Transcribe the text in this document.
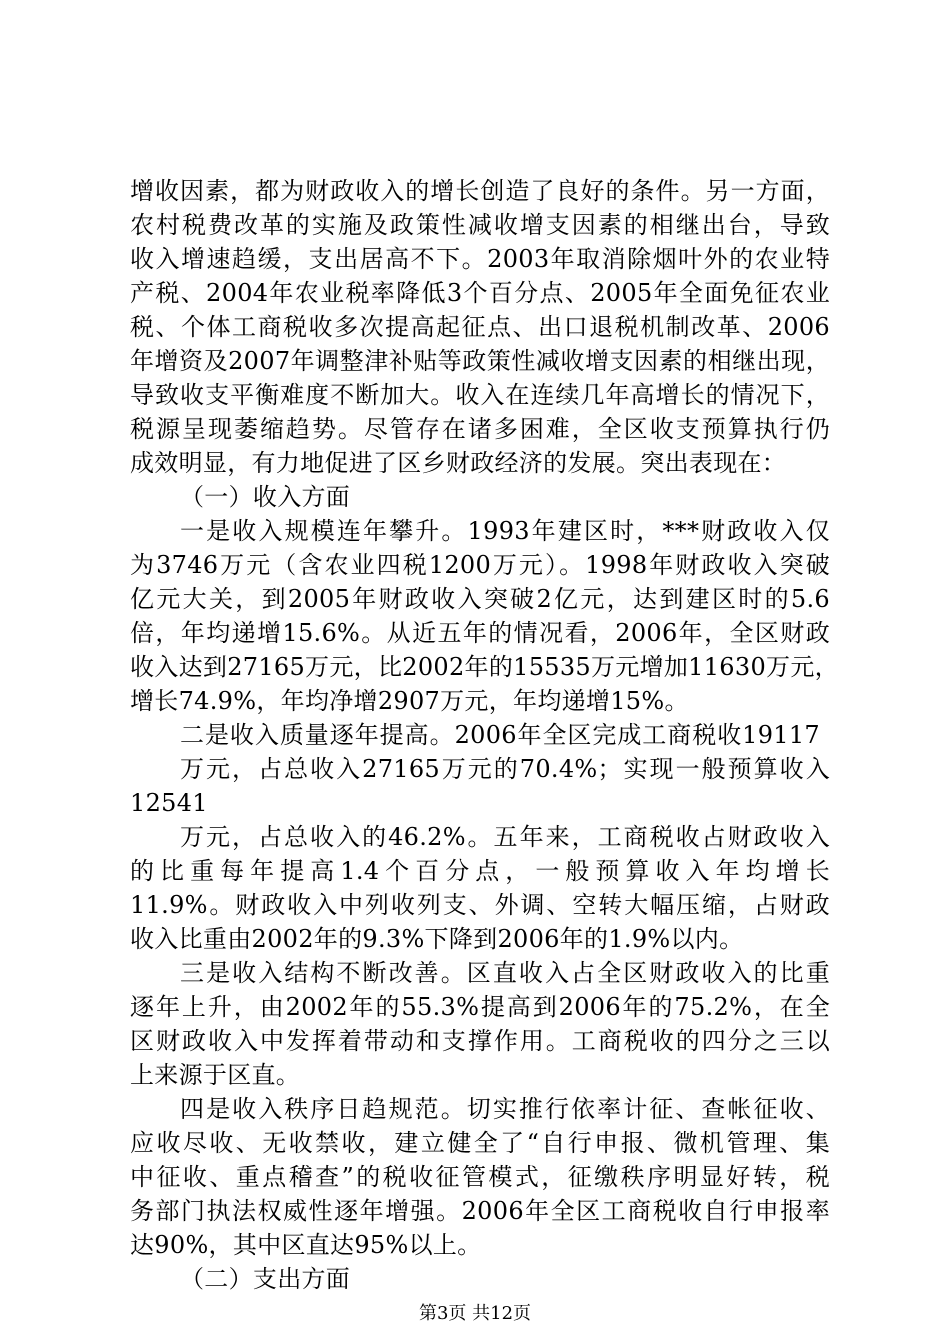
增收因素，都为财政收入的增长创造了良好的条件。另一方面，
农村税费改革的实施及政策性减收增支因素的相继出台，导致
收入增速趋缓，支出居高不下。2003年取消除烟叶外的农业特
产税、2004年农业税率降低3个百分点、2005年全面免征农业
税、个体工商税收多次提高起征点、出口退税机制改革、2006
年增资及2007年调整津补贴等政策性减收增支因素的相继出现，
导致收支平衡难度不断加大。收入在连续几年高增长的情况下，
税源呈现萎缩趋势。尽管存在诸多困难，全区收支预算执行仍
成效明显，有力地促进了区乡财政经济的发展。突出表现在：
（一）收入方面
一是收入规模连年攀升。1993年建区时，***财政收入仅
为3746万元（含农业四税1200万元）。1998年财政收入突破
亿元大关，到2005年财政收入突破2亿元，达到建区时的5.6
倍，年均递增15.6%。从近五年的情况看，2006年，全区财政
收入达到27165万元，比2002年的15535万元增加11630万元，
增长74.9%，年均净增2907万元，年均递增15%。
二是收入质量逐年提高。2006年全区完成工商税收19117
万元，占总收入27165万元的70.4%；实现一般预算收入
12541
万元，占总收入的46.2%。五年来，工商税收占财政收入
的比重每年提高1.4个百分点，一般预算收入年均增长
11.9%。财政收入中列收列支、外调、空转大幅压缩，占财政
收入比重由2002年的9.3%下降到2006年的1.9%以内。
三是收入结构不断改善。区直收入占全区财政收入的比重
逐年上升，由2002年的55.3%提高到2006年的75.2%，在全
区财政收入中发挥着带动和支撑作用。工商税收的四分之三以
上来源于区直。
四是收入秩序日趋规范。切实推行依率计征、查帐征收、
应收尽收、无收禁收，建立健全了“自行申报、微机管理、集
中征收、重点稽查”的税收征管模式，征缴秩序明显好转，税
务部门执法权威性逐年增强。2006年全区工商税收自行申报率
达90%，其中区直达95%以上。
（二）支出方面
第3页 共12页
